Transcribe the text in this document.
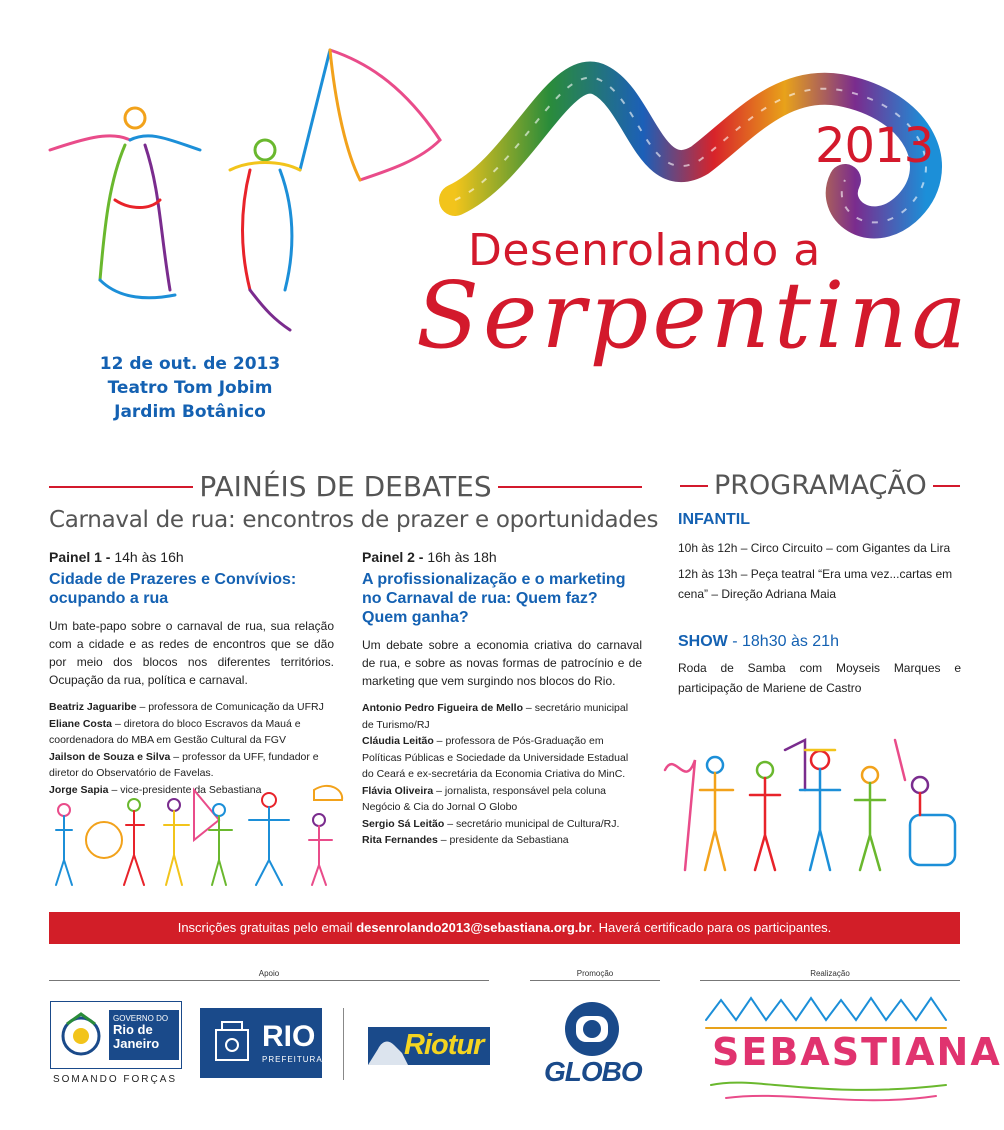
2013
Desenrolando a
Serpentina
12 de out. de 2013
Teatro Tom Jobim
Jardim Botânico
PAINÉIS DE DEBATES
Carnaval de rua: encontros de prazer e oportunidades
Painel 1 - 14h às 16h
Cidade de Prazeres e Convívios: ocupando a rua
Um bate-papo sobre o carnaval de rua, sua relação com a cidade e as redes de encontros que se dão por meio dos blocos nos diferentes territórios. Ocupação da rua, política e carnaval.
Beatriz Jaguaribe – professora de Comunicação da UFRJ
Eliane Costa – diretora do bloco Escravos da Mauá e coordenadora do MBA em Gestão Cultural da FGV
Jailson de Souza e Silva – professor da UFF, fundador e diretor do Observatório de Favelas.
Jorge Sapia – vice-presidente da Sebastiana
Painel 2 - 16h às 18h
A profissionalização e o marketing no Carnaval de rua: Quem faz? Quem ganha?
Um debate sobre a economia criativa do carnaval de rua, e sobre as novas formas de patrocínio e de marketing que vem surgindo nos blocos do Rio.
Antonio Pedro Figueira de Mello – secretário municipal de Turismo/RJ
Cláudia Leitão – professora de Pós-Graduação em Políticas Públicas e Sociedade da Universidade Estadual do Ceará e ex-secretária da Economia Criativa do MinC.
Flávia Oliveira – jornalista, responsável pela coluna Negócio & Cia do Jornal O Globo
Sergio Sá Leitão – secretário municipal de Cultura/RJ.
Rita Fernandes – presidente da Sebastiana
PROGRAMAÇÃO
INFANTIL

10h às 12h – Circo Circuito – com Gigantes da Lira

12h às 13h – Peça teatral “Era uma vez...cartas em cena” – Direção Adriana Maia

SHOW - 18h30 às 21h

Roda de Samba com Moyseis Marques e participação de Mariene de Castro

Inscrições gratuitas pelo email desenrolando2013@sebastiana.org.br. Haverá certificado para os participantes.
Apoio	Promoção	Realização
GOVERNO DO
Rio de
Janeiro
SOMANDO FORÇAS
RIO
PREFEITURA	Riotur
GLOBO SEBASTIANA
